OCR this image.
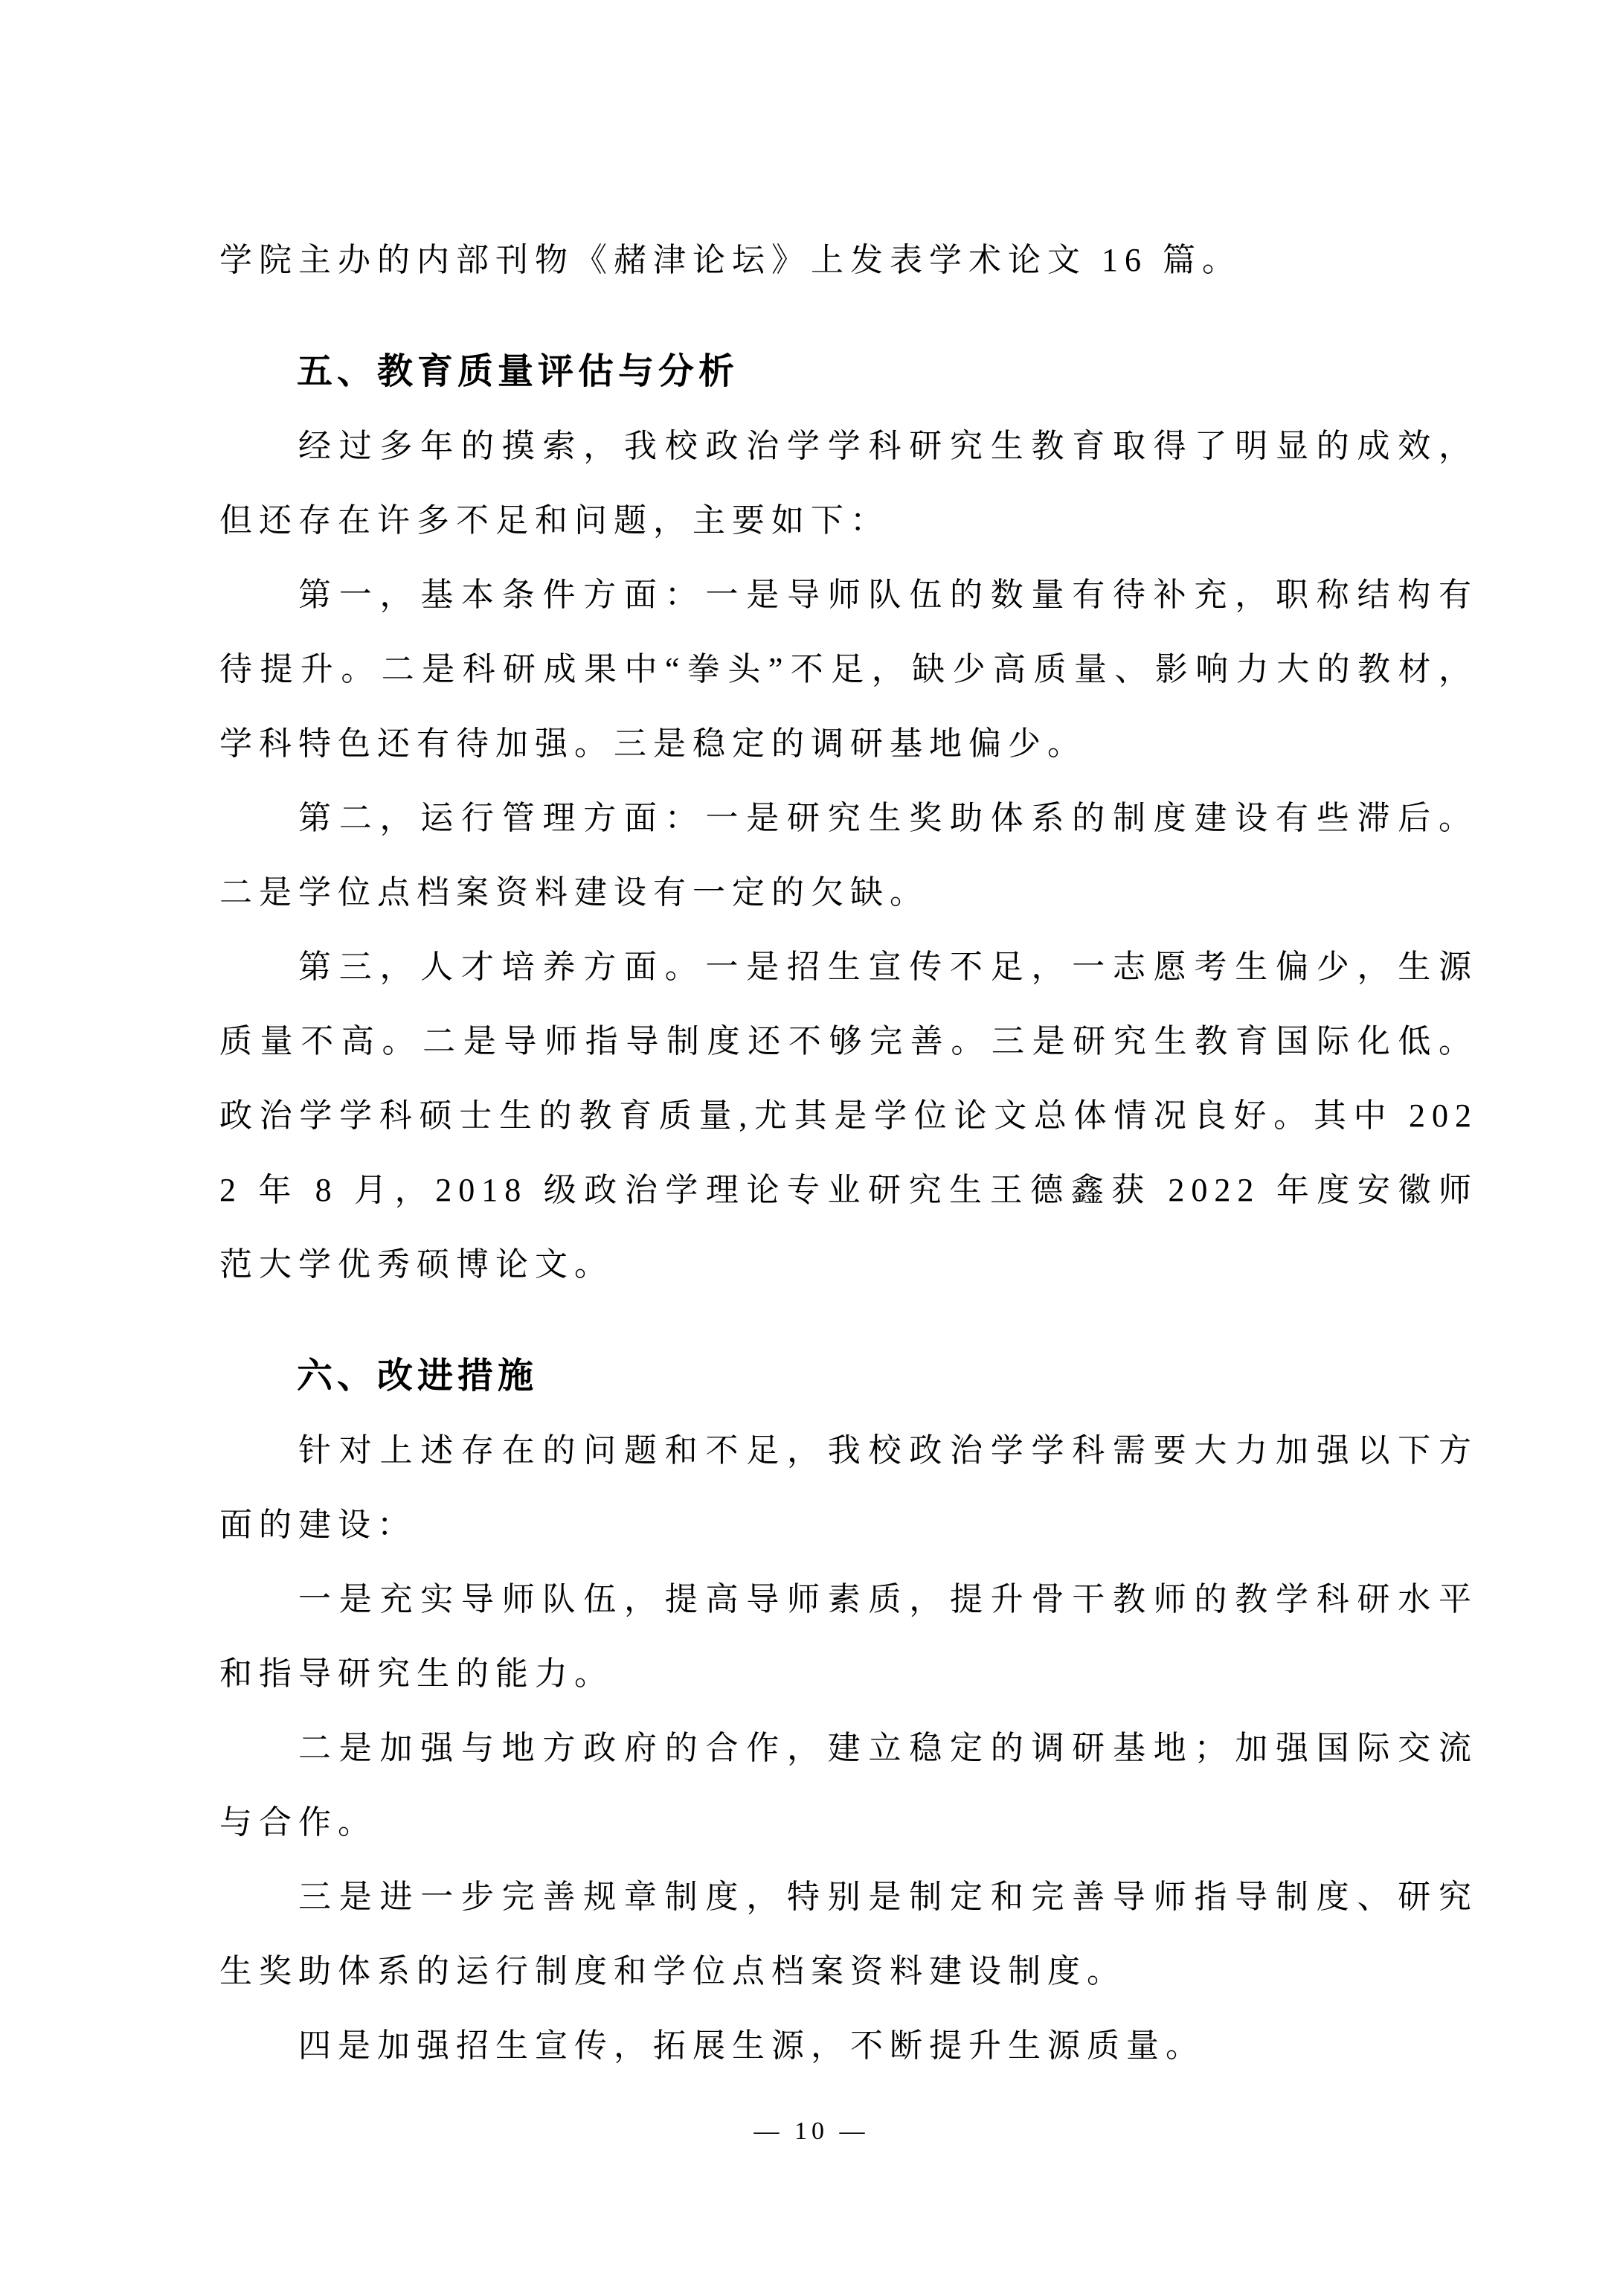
学院主办的内部刊物《赭津论坛》上发表学术论文 16 篇。

五、教育质量评估与分析

经过多年的摸索，我校政治学学科研究生教育取得了明显的成效，但还存在许多不足和问题，主要如下：

第一，基本条件方面：一是导师队伍的数量有待补充，职称结构有待提升。二是科研成果中“拳头”不足，缺少高质量、影响力大的教材，学科特色还有待加强。三是稳定的调研基地偏少。

第二，运行管理方面：一是研究生奖助体系的制度建设有些滞后。二是学位点档案资料建设有一定的欠缺。

第三，人才培养方面。一是招生宣传不足，一志愿考生偏少，生源质量不高。二是导师指导制度还不够完善。三是研究生教育国际化低。政治学学科硕士生的教育质量,尤其是学位论文总体情况良好。其中 2022 年 8 月，2018 级政治学理论专业研究生王德鑫获 2022 年度安徽师范大学优秀硕博论文。

六、改进措施

针对上述存在的问题和不足，我校政治学学科需要大力加强以下方面的建设：

一是充实导师队伍，提高导师素质，提升骨干教师的教学科研水平和指导研究生的能力。

二是加强与地方政府的合作，建立稳定的调研基地；加强国际交流与合作。

三是进一步完善规章制度，特别是制定和完善导师指导制度、研究生奖助体系的运行制度和学位点档案资料建设制度。

四是加强招生宣传，拓展生源，不断提升生源质量。

— 10 —
